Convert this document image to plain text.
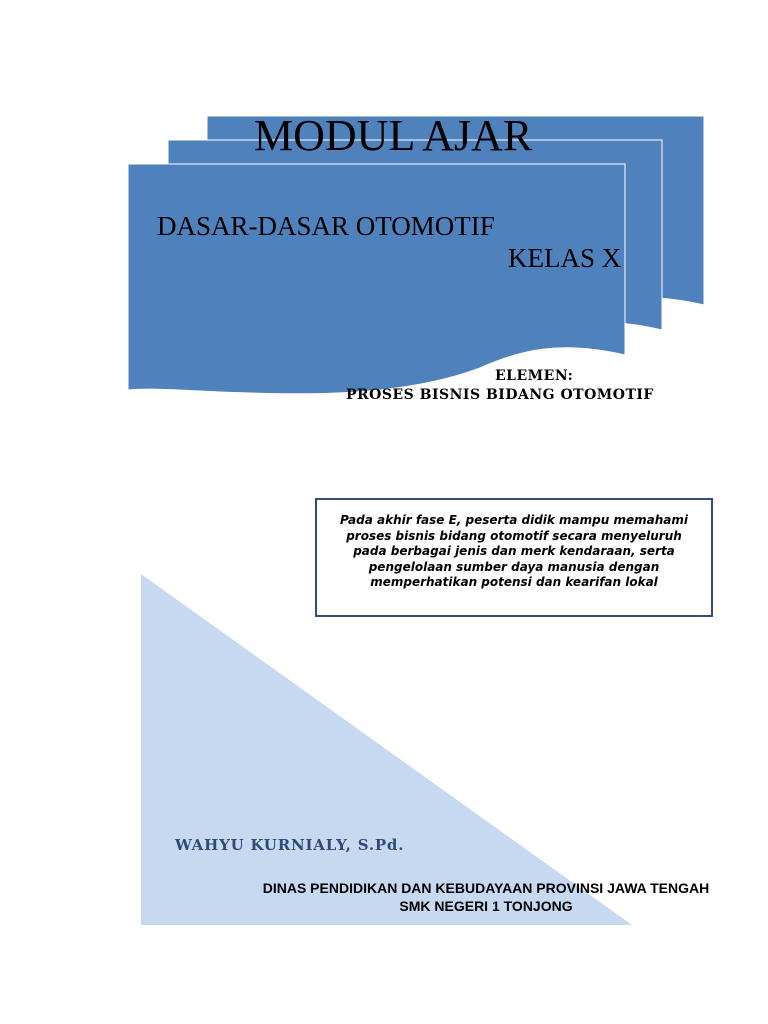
MODUL AJAR
DASAR-DASAR OTOMOTIF
KELAS X
ELEMEN:
PROSES BISNIS BIDANG OTOMOTIF
Pada akhir fase E, peserta didik mampu memahami proses bisnis bidang otomotif secara menyeluruh pada berbagai jenis dan merk kendaraan, serta pengelolaan sumber daya manusia dengan memperhatikan potensi dan kearifan lokal
WAHYU KURNIALY, S.Pd.
DINAS PENDIDIKAN DAN KEBUDAYAAN PROVINSI JAWA TENGAH
SMK NEGERI 1 TONJONG
